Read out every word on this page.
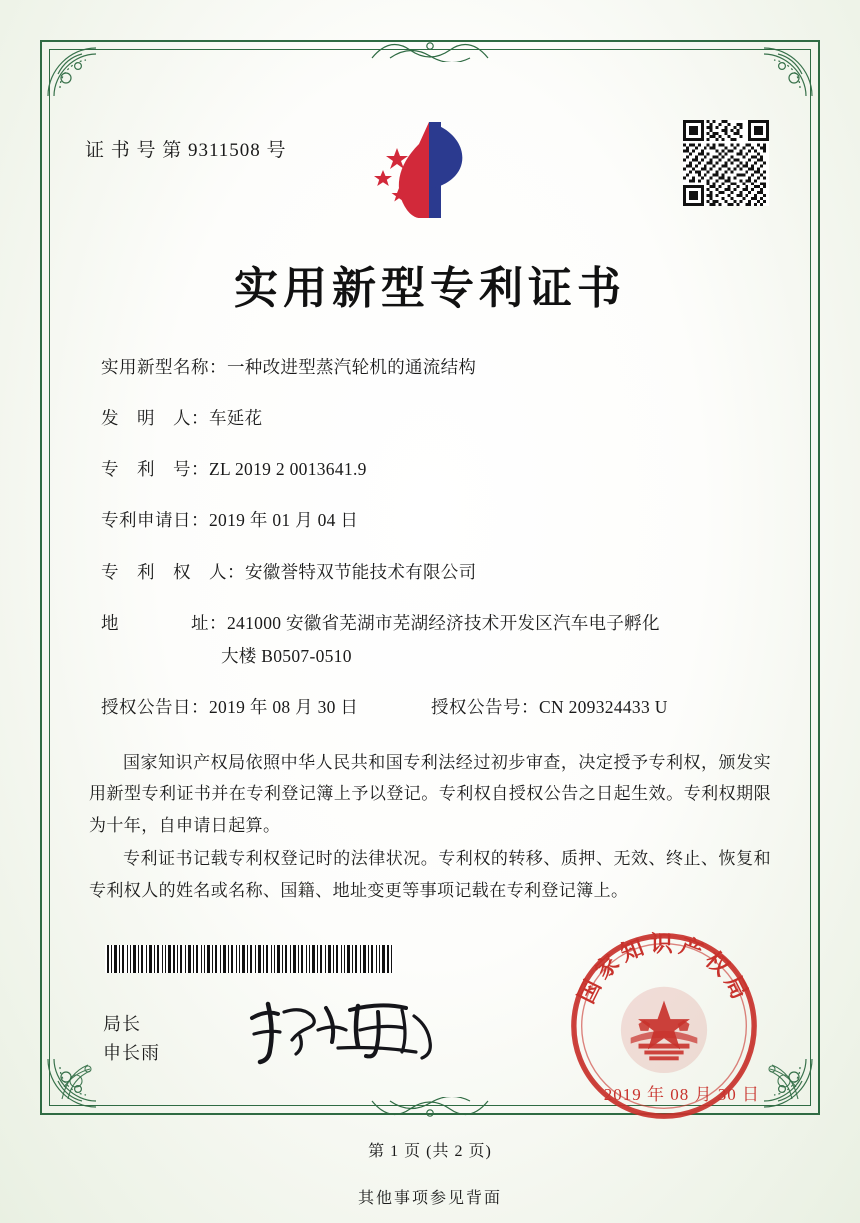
证 书 号 第 9311508 号
实用新型专利证书
实用新型名称： 一种改进型蒸汽轮机的通流结构
发　明　人： 车延花
专　利　号： ZL 2019 2 0013641.9
专利申请日： 2019 年 01 月 04 日
专　利　权　人： 安徽誉特双节能技术有限公司
地　　　　址： 241000 安徽省芜湖市芜湖经济技术开发区汽车电子孵化
大楼 B0507-0510
授权公告日： 2019 年 08 月 30 日	授权公告号： CN 209324433 U

国家知识产权局依照中华人民共和国专利法经过初步审查，决定授予专利权，颁发实用新型专利证书并在专利登记簿上予以登记。专利权自授权公告之日起生效。专利权期限为十年，自申请日起算。

专利证书记载专利权登记时的法律状况。专利权的转移、质押、无效、终止、恢复和专利权人的姓名或名称、国籍、地址变更等事项记载在专利登记簿上。

局长
申长雨
国家知识产权局
2019 年 08 月 30 日
第 1 页 (共 2 页)
其他事项参见背面
